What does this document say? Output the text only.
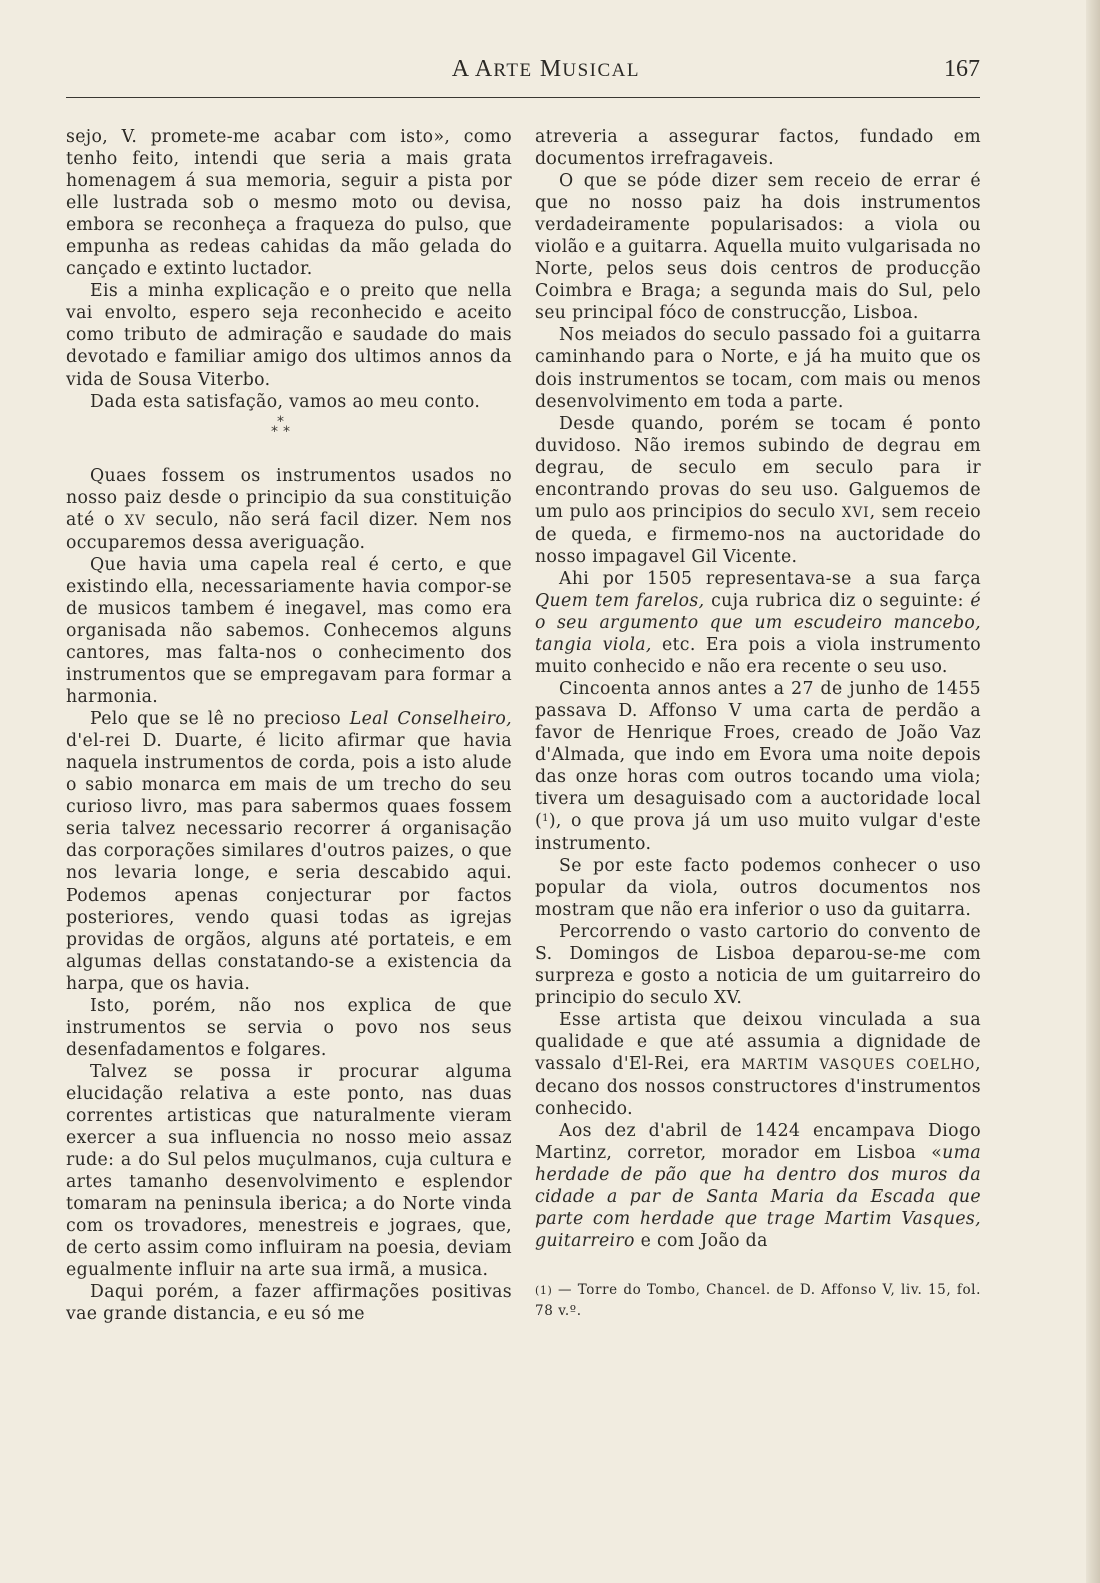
A ARTE MUSICAL	167

sejo, V. promete-me acabar com isto», como tenho feito, intendi que seria a mais grata homenagem á sua memoria, seguir a pista por elle lustrada sob o mesmo moto ou devisa, embora se reconheça a fraqueza do pulso, que empunha as redeas cahidas da mão gelada do cançado e extinto luctador.

Eis a minha explicação e o preito que nella vai envolto, espero seja reconhecido e aceito como tributo de admiração e saudade do mais devotado e familiar amigo dos ultimos annos da vida de Sousa Viterbo.

Dada esta satisfação, vamos ao meu conto.

*
* *

Quaes fossem os instrumentos usados no nosso paiz desde o principio da sua constituição até o XV seculo, não será facil dizer. Nem nos occuparemos dessa averiguação.

Que havia uma capela real é certo, e que existindo ella, necessariamente havia compor-se de musicos tambem é inegavel, mas como era organisada não sabemos. Conhecemos alguns cantores, mas falta-nos o conhecimento dos instrumentos que se empregavam para formar a harmonia.

Pelo que se lê no precioso Leal Conselheiro, d'el-rei D. Duarte, é licito afirmar que havia naquela instrumentos de corda, pois a isto alude o sabio monarca em mais de um trecho do seu curioso livro, mas para sabermos quaes fossem seria talvez necessario recorrer á organisação das corporações similares d'outros paizes, o que nos levaria longe, e seria descabido aqui. Podemos apenas conjecturar por factos posteriores, vendo quasi todas as igrejas providas de orgãos, alguns até portateis, e em algumas dellas constatando-se a existencia da harpa, que os havia.

Isto, porém, não nos explica de que instrumentos se servia o povo nos seus desenfadamentos e folgares.

Talvez se possa ir procurar alguma elucidação relativa a este ponto, nas duas correntes artisticas que naturalmente vieram exercer a sua influencia no nosso meio assaz rude: a do Sul pelos muçulmanos, cuja cultura e artes tamanho desenvolvimento e esplendor tomaram na peninsula iberica; a do Norte vinda com os trovadores, menestreis e jograes, que, de certo assim como influiram na poesia, deviam egualmente influir na arte sua irmã, a musica.

Daqui porém, a fazer affirmações positivas vae grande distancia, e eu só me

atreveria a assegurar factos, fundado em documentos irrefragaveis.

O que se póde dizer sem receio de errar é que no nosso paiz ha dois instrumentos verdadeiramente popularisados: a viola ou violão e a guitarra. Aquella muito vulgarisada no Norte, pelos seus dois centros de producção Coimbra e Braga; a segunda mais do Sul, pelo seu principal fóco de construcção, Lisboa.

Nos meiados do seculo passado foi a guitarra caminhando para o Norte, e já ha muito que os dois instrumentos se tocam, com mais ou menos desenvolvimento em toda a parte.

Desde quando, porém se tocam é ponto duvidoso. Não iremos subindo de degrau em degrau, de seculo em seculo para ir encontrando provas do seu uso. Galguemos de um pulo aos principios do seculo XVI, sem receio de queda, e firmemo-nos na auctoridade do nosso impagavel Gil Vicente.

Ahi por 1505 representava-se a sua farça Quem tem farelos, cuja rubrica diz o seguinte: é o seu argumento que um escudeiro mancebo, tangia viola, etc. Era pois a viola instrumento muito conhecido e não era recente o seu uso.

Cincoenta annos antes a 27 de junho de 1455 passava D. Affonso V uma carta de perdão a favor de Henrique Froes, creado de João Vaz d'Almada, que indo em Evora uma noite depois das onze horas com outros tocando uma viola; tivera um desaguisado com a auctoridade local ($^1$), o que prova já um uso muito vulgar d'este instrumento.

Se por este facto podemos conhecer o uso popular da viola, outros documentos nos mostram que não era inferior o uso da guitarra.

Percorrendo o vasto cartorio do convento de S. Domingos de Lisboa deparou-se-me com surpreza e gosto a noticia de um guitarreiro do principio do seculo XV.

Esse artista que deixou vinculada a sua qualidade e que até assumia a dignidade de vassalo d'El-Rei, era MARTIM VASQUES COELHO, decano dos nossos constructores d'instrumentos conhecido.

Aos dez d'abril de 1424 encampava Diogo Martinz, corretor, morador em Lisboa «uma herdade de pão que ha dentro dos muros da cidade a par de Santa Maria da Escada que parte com herdade que trage Martim Vasques, guitarreiro e com João da

(1) — Torre do Tombo, Chancel. de D. Affonso V, liv. 15, fol. 78 v.º.
